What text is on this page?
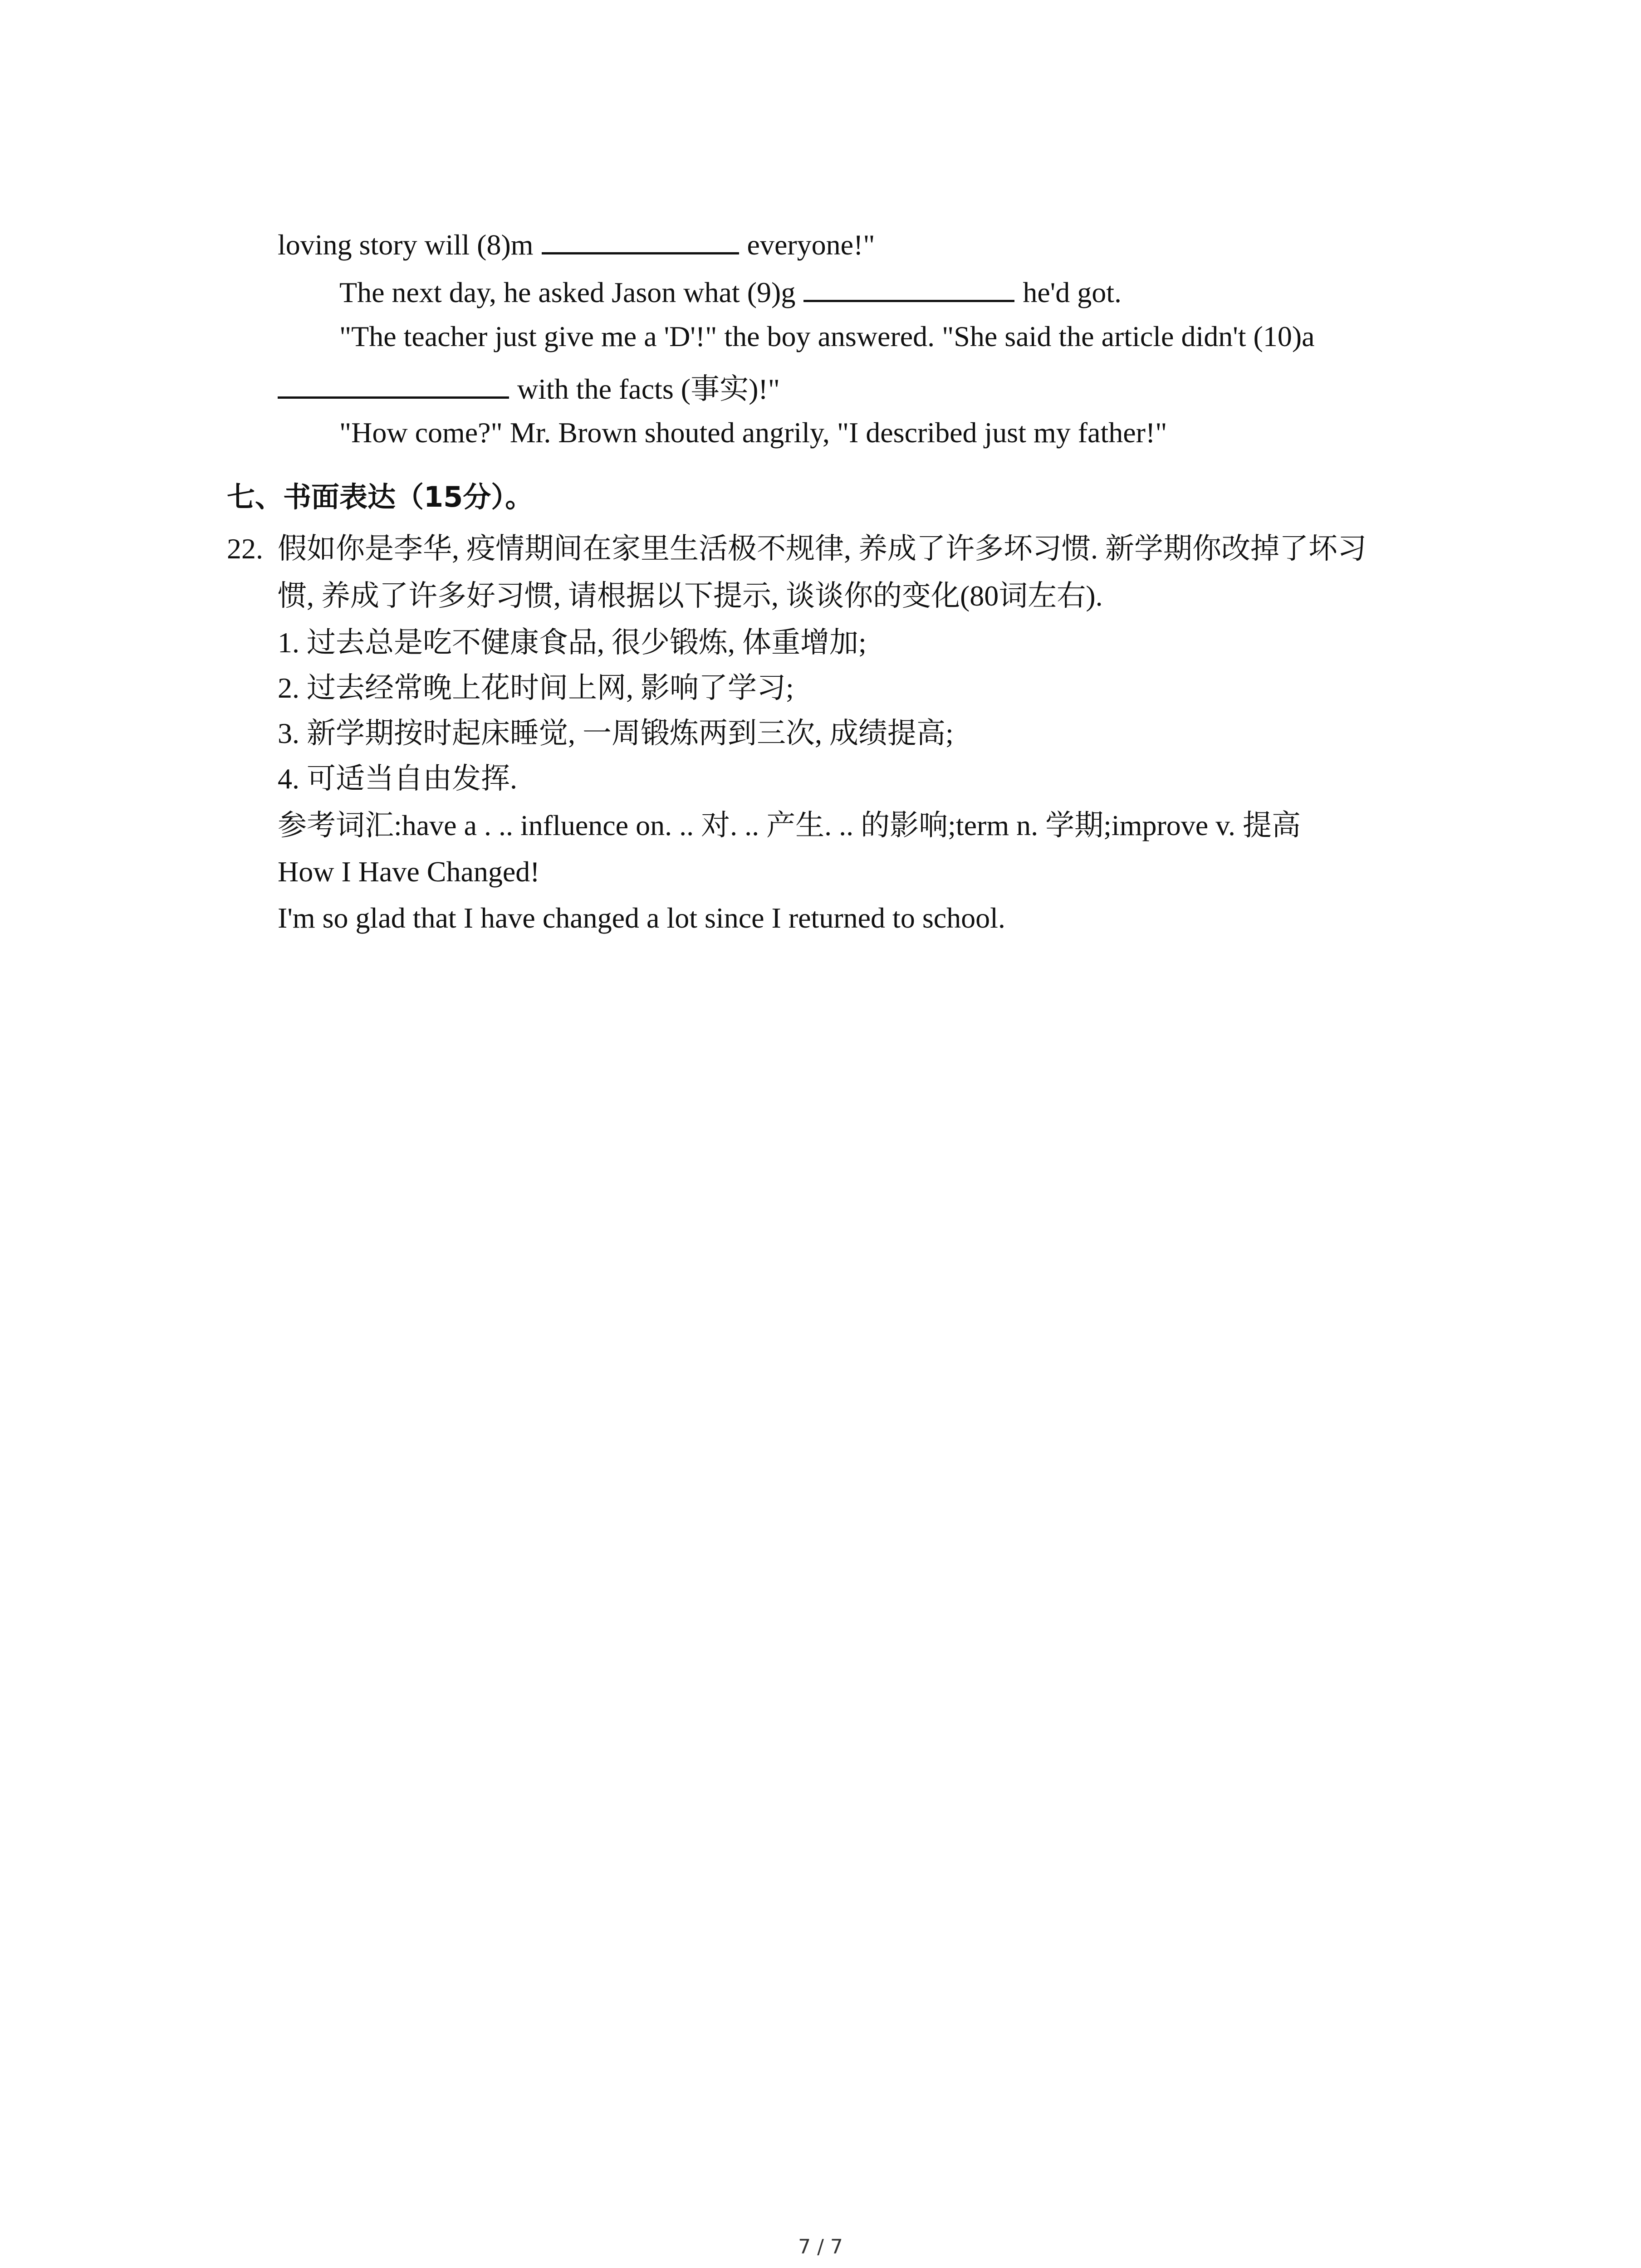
loving story will (8)m	everyone!"
The next day, he asked Jason what (9)g	he'd got.
"The teacher just give me a 'D'!" the boy answered. "She said the article didn't (10)a
with the facts (事实)!"
"How come?" Mr. Brown shouted angrily, "I described just my father!"
七、书面表达（15分）。
22. 假如你是李华, 疫情期间在家里生活极不规律, 养成了许多坏习惯. 新学期你改掉了坏习
惯, 养成了许多好习惯, 请根据以下提示, 谈谈你的变化(80词左右).
1. 过去总是吃不健康食品, 很少锻炼, 体重增加;
2. 过去经常晚上花时间上网, 影响了学习;
3. 新学期按时起床睡觉, 一周锻炼两到三次, 成绩提高;
4. 可适当自由发挥.
参考词汇:have a . .. influence on. .. 对. .. 产生. .. 的影响;term n. 学期;improve v. 提高
How I Have Changed!
I'm so glad that I have changed a lot since I returned to school.
7 / 7
